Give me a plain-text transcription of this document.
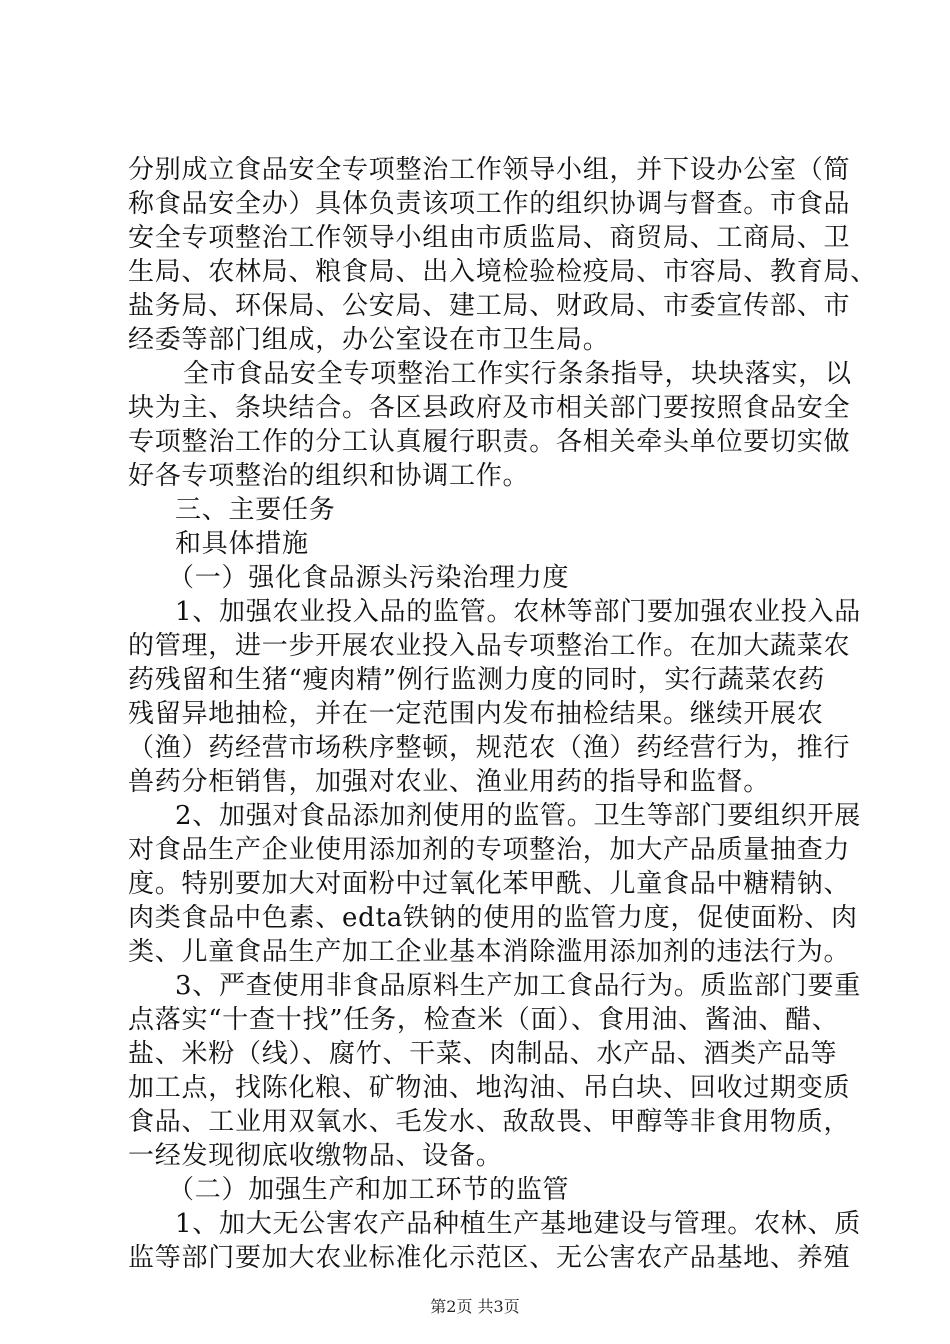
分别成立食品安全专项整治工作领导小组，并下设办公室（简
称食品安全办）具体负责该项工作的组织协调与督查。市食品
安全专项整治工作领导小组由市质监局、商贸局、工商局、卫
生局、农林局、粮食局、出入境检验检疫局、市容局、教育局、
盐务局、环保局、公安局、建工局、财政局、市委宣传部、市
经委等部门组成，办公室设在市卫生局。
全市食品安全专项整治工作实行条条指导，块块落实，以
块为主、条块结合。各区县政府及市相关部门要按照食品安全
专项整治工作的分工认真履行职责。各相关牵头单位要切实做
好各专项整治的组织和协调工作。
三、主要任务
和具体措施
（一）强化食品源头污染治理力度
1、加强农业投入品的监管。农林等部门要加强农业投入品
的管理，进一步开展农业投入品专项整治工作。在加大蔬菜农
药残留和生猪“瘦肉精”例行监测力度的同时，实行蔬菜农药
残留异地抽检，并在一定范围内发布抽检结果。继续开展农
（渔）药经营市场秩序整顿，规范农（渔）药经营行为，推行
兽药分柜销售，加强对农业、渔业用药的指导和监督。
2、加强对食品添加剂使用的监管。卫生等部门要组织开展
对食品生产企业使用添加剂的专项整治，加大产品质量抽查力
度。特别要加大对面粉中过氧化苯甲酰、儿童食品中糖精钠、
肉类食品中色素、edta铁钠的使用的监管力度，促使面粉、肉
类、儿童食品生产加工企业基本消除滥用添加剂的违法行为。
3、严查使用非食品原料生产加工食品行为。质监部门要重
点落实“十查十找”任务，检查米（面）、食用油、酱油、醋、
盐、米粉（线）、腐竹、干菜、肉制品、水产品、酒类产品等
加工点，找陈化粮、矿物油、地沟油、吊白块、回收过期变质
食品、工业用双氧水、毛发水、敌敌畏、甲醇等非食用物质，
一经发现彻底收缴物品、设备。
（二）加强生产和加工环节的监管
1、加大无公害农产品种植生产基地建设与管理。农林、质
监等部门要加大农业标准化示范区、无公害农产品基地、养殖
第2页 共3页
